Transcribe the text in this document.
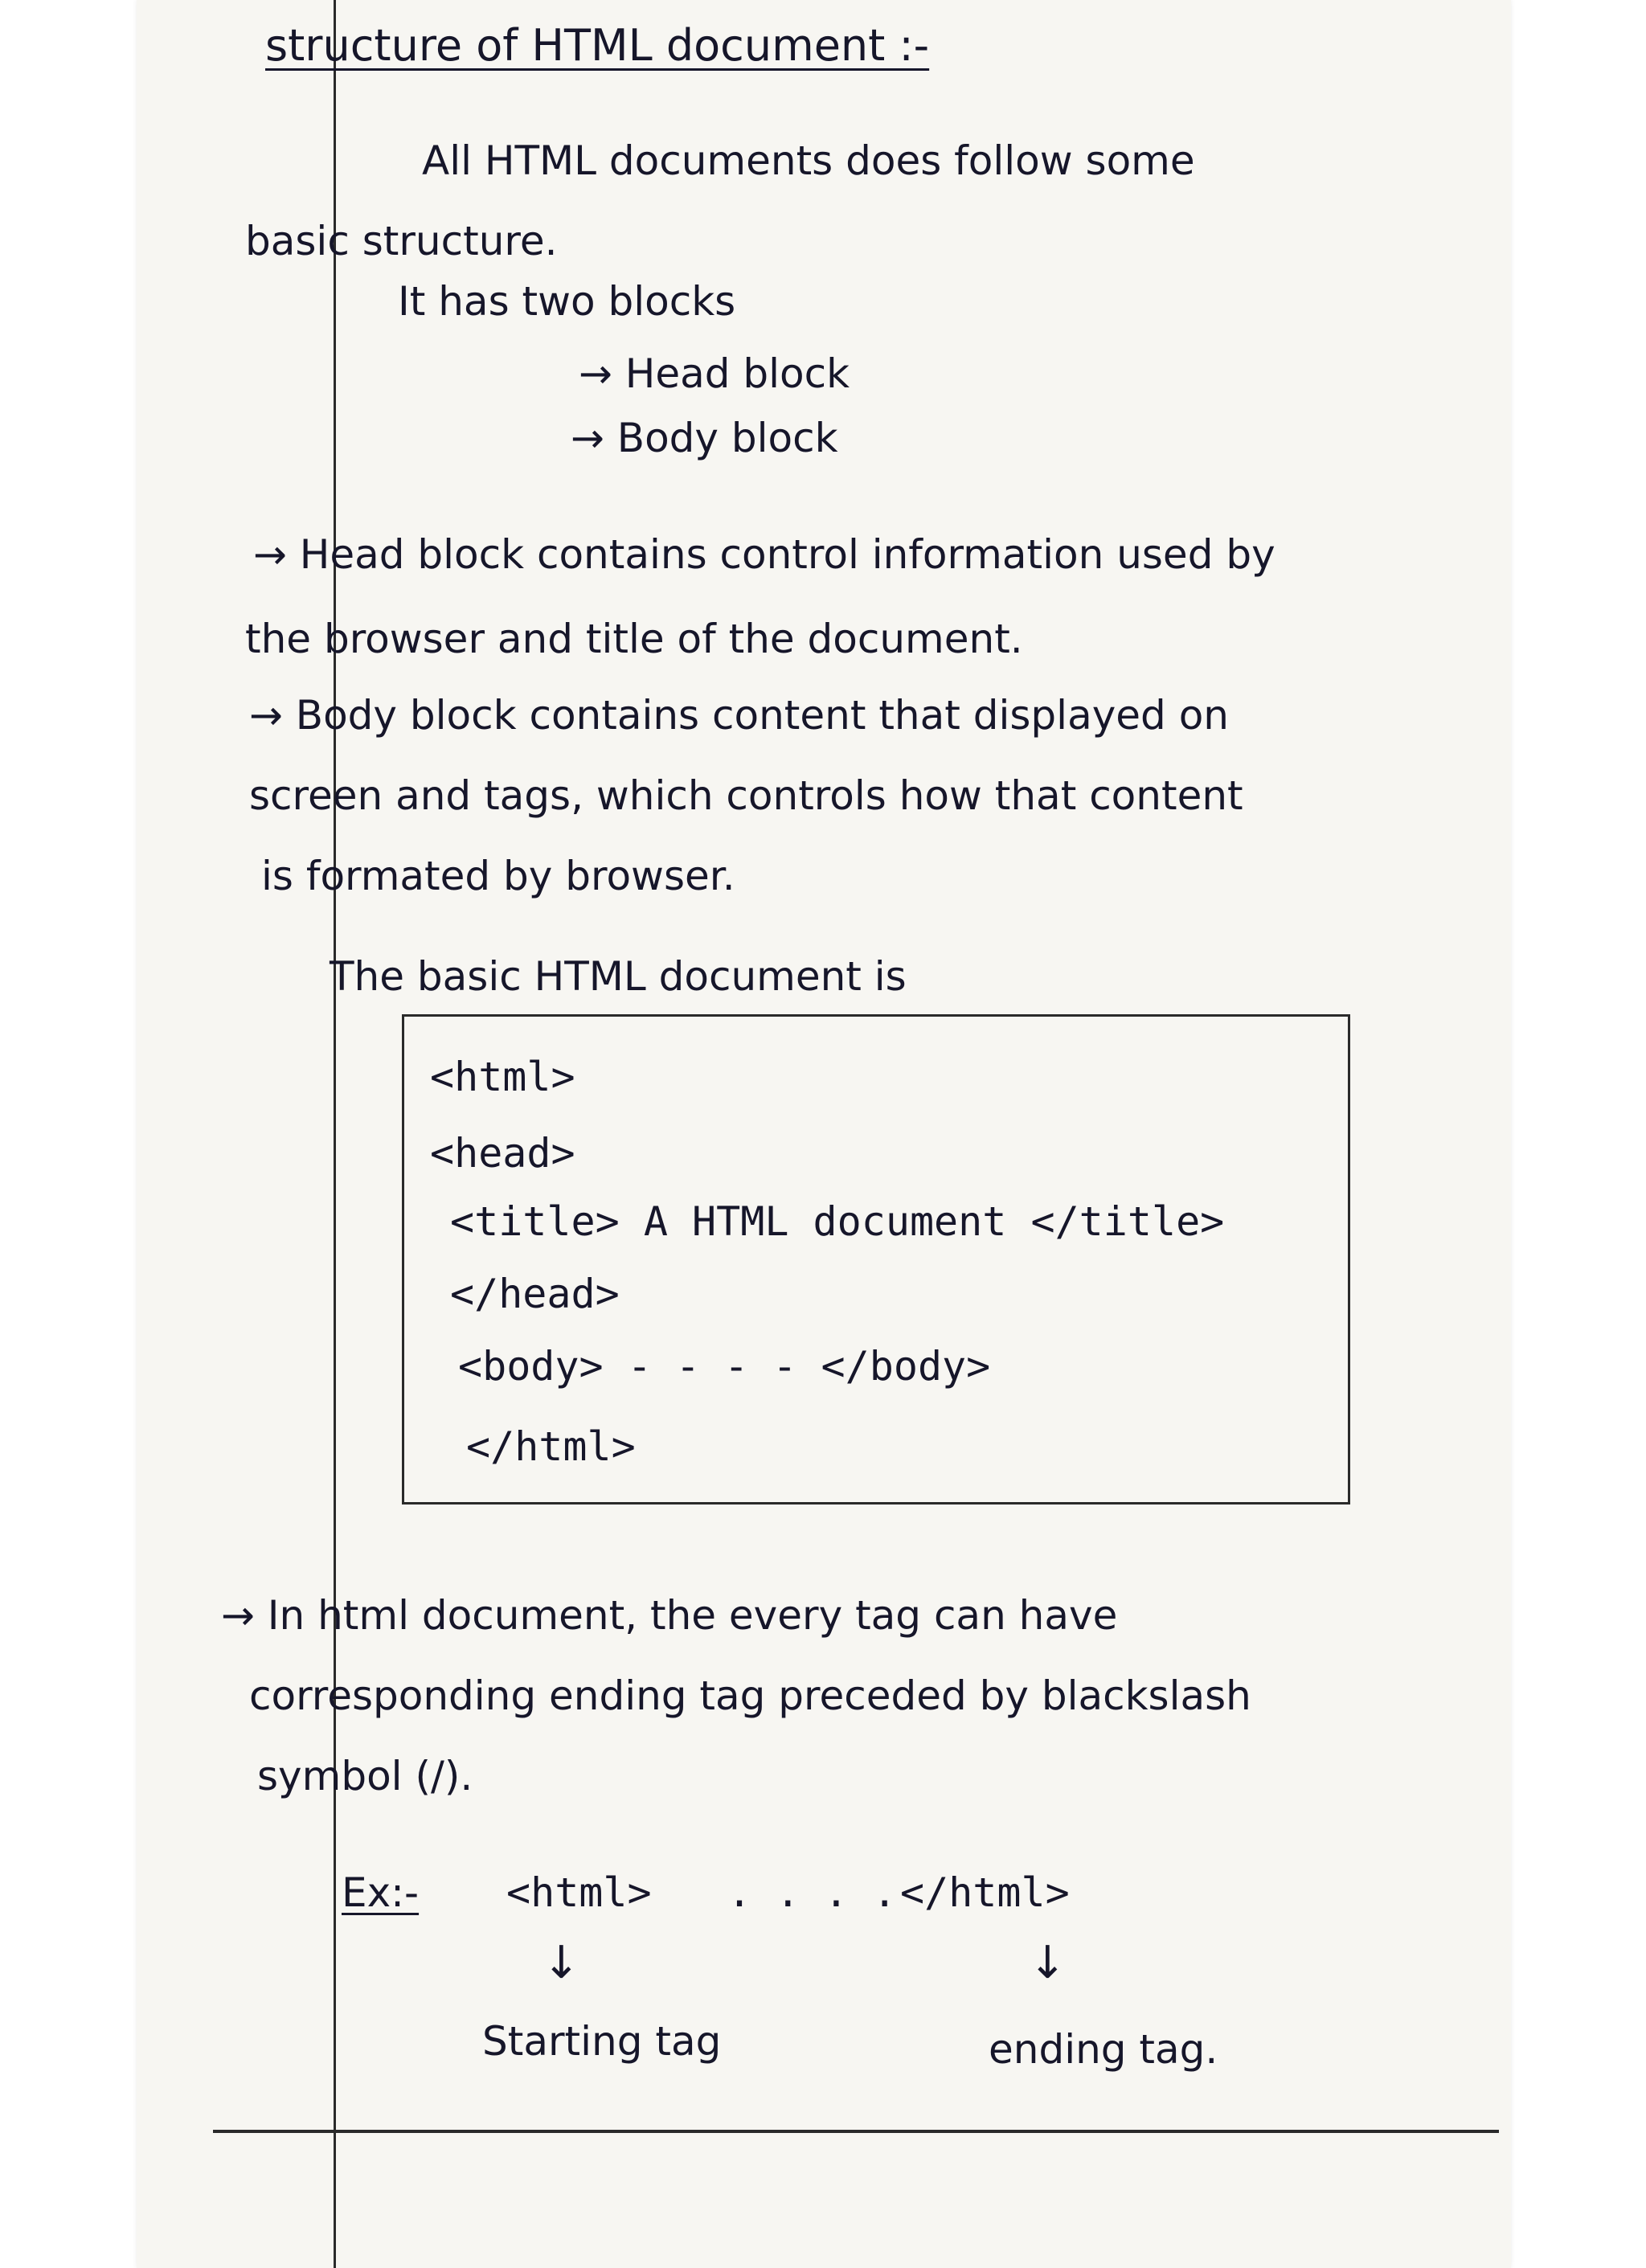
structure of HTML document :-
All HTML documents does follow some
basic structure.
It has two blocks
→ Head block
→ Body block
→ Head block contains control information used by
the browser and title of the document.
→ Body block contains content that displayed on
screen and tags, which controls how that content
is formated by browser.
The basic HTML document is
<html>
<head>
<title> A HTML document </title>
</head>
<body> - - - - </body>
</html>
→ In html document, the every tag can have
corresponding ending tag preceded by blackslash
symbol (/).
Ex:- <html> . . . . </html>
↓	↓
Starting tag	ending tag.
